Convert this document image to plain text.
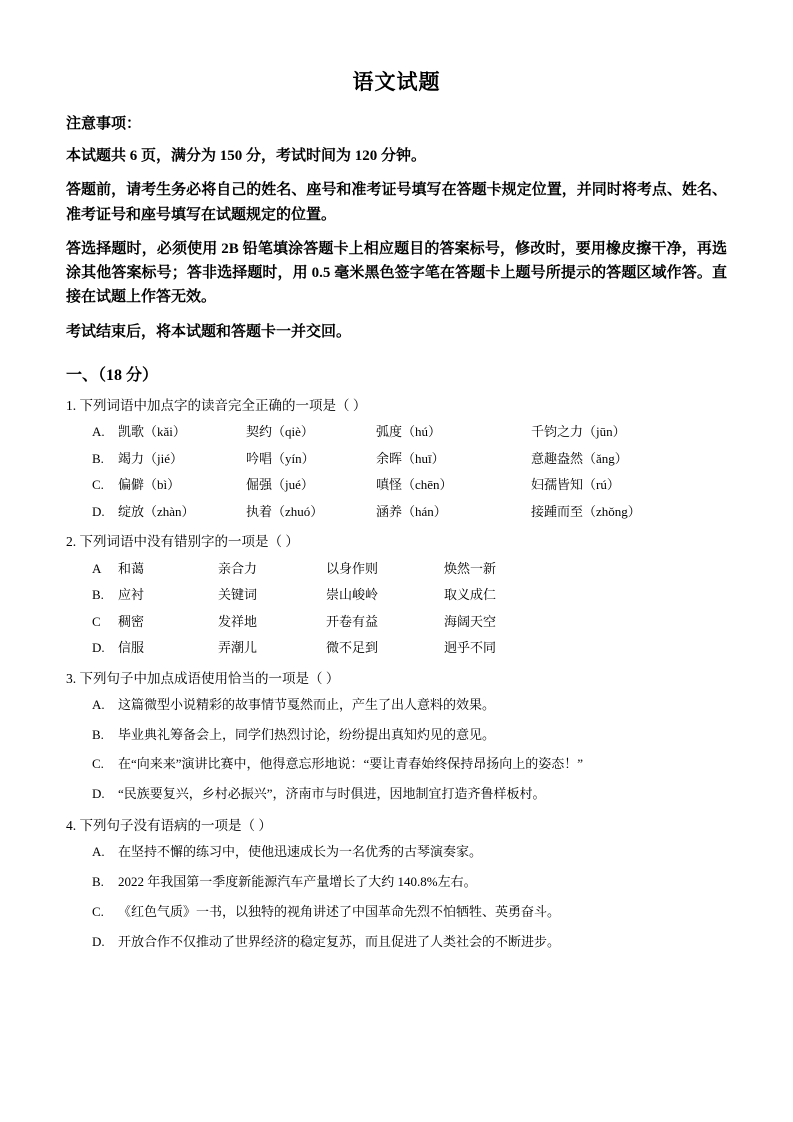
语文试题
注意事项：
本试题共 6 页，满分为 150 分，考试时间为 120 分钟。
答题前，请考生务必将自己的姓名、座号和准考证号填写在答题卡规定位置，并同时将考点、姓名、准考证号和座号填写在试题规定的位置。
答选择题时，必须使用 2B 铅笔填涂答题卡上相应题目的答案标号，修改时，要用橡皮擦干净，再选涂其他答案标号；答非选择题时，用 0.5 毫米黑色签字笔在答题卡上题号所提示的答题区域作答。直接在试题上作答无效。
考试结束后，将本试题和答题卡一并交回。
一、（18 分）
1. 下列词语中加点字的读音完全正确的一项是（ ）
A.	凯歌（kǎi）	契约（qiè）	弧度（hú）	千钧之力（jūn）
B.	竭力（jié）	吟唱（yín）	余晖（huī）	意趣盎然（ǎng）
C.	偏僻（bì）	倔强（jué）	嗔怪（chēn）	妇孺皆知（rú）
D.	绽放（zhàn）	执着（zhuó）	涵养（hán）	接踵而至（zhǒng）
2. 下列词语中没有错别字的一项是（ ）
A	和蔼	亲合力	以身作则	焕然一新
B.	应衬	关键词	崇山峻岭	取义成仁
C	稠密	发祥地	开卷有益	海阔天空
D.	信服	弄潮儿	微不足到	迥乎不同
3. 下列句子中加点成语使用恰当的一项是（ ）
A.	这篇微型小说精彩的故事情节戛然而止，产生了出人意料的效果。
B.	毕业典礼筹备会上，同学们热烈讨论，纷纷提出真知灼见的意见。
C.	在“向来来”演讲比赛中，他得意忘形地说：“要让青春始终保持昂扬向上的姿态！”
D.	“民族要复兴，乡村必振兴”，济南市与时俱进，因地制宜打造齐鲁样板村。
4. 下列句子没有语病的一项是（ ）
A.	在坚持不懈的练习中，使他迅速成长为一名优秀的古琴演奏家。
B.	2022 年我国第一季度新能源汽车产量增长了大约 140.8%左右。
C.	《红色气质》一书，以独特的视角讲述了中国革命先烈不怕牺牲、英勇奋斗。
D.	开放合作不仅推动了世界经济的稳定复苏，而且促进了人类社会的不断进步。
